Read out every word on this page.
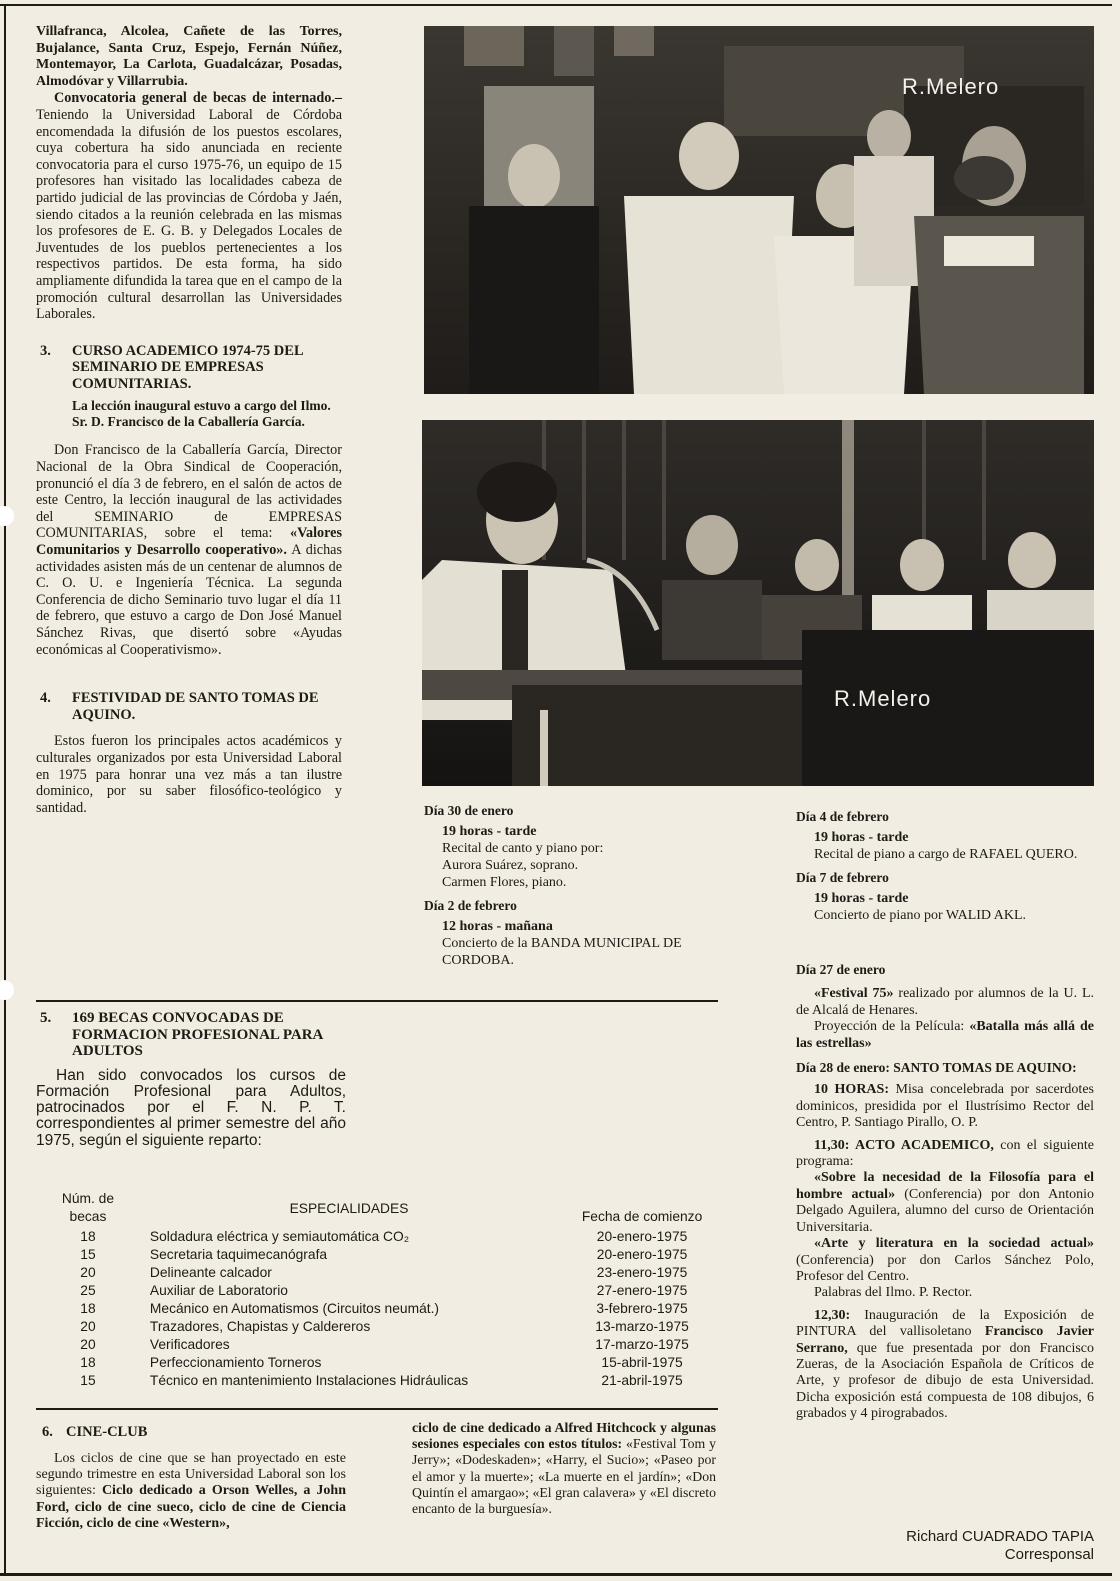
Villafranca, Alcolea, Cañete de las Torres, Bujalance, Santa Cruz, Espejo, Fernán Núñez, Montemayor, La Carlota, Guadalcázar, Posadas, Almodóvar y Villarrubia.

Convocatoria general de becas de internado.– Teniendo la Universidad Laboral de Córdoba encomendada la difusión de los puestos escolares, cuya cobertura ha sido anunciada en reciente convocatoria para el curso 1975-76, un equipo de 15 profesores han visitado las localidades cabeza de partido judicial de las provincias de Córdoba y Jaén, siendo citados a la reunión celebrada en las mismas los profesores de E. G. B. y Delegados Locales de Juventudes de los pueblos pertenecientes a los respectivos partidos. De esta forma, ha sido ampliamente difundida la tarea que en el campo de la promoción cultural desarrollan las Universidades Laborales.

3. CURSO ACADEMICO 1974-75 DEL SEMINARIO DE EMPRESAS COMUNITARIAS.
La lección inaugural estuvo a cargo del Ilmo. Sr. D. Francisco de la Caballería García.

Don Francisco de la Caballería García, Director Nacional de la Obra Sindical de Cooperación, pronunció el día 3 de febrero, en el salón de actos de este Centro, la lección inaugural de las actividades del SEMINARIO de EMPRESAS COMUNITARIAS, sobre el tema: «Valores Comunitarios y Desarrollo cooperativo». A dichas actividades asisten más de un centenar de alumnos de C. O. U. e Ingeniería Técnica. La segunda Conferencia de dicho Seminario tuvo lugar el día 11 de febrero, que estuvo a cargo de Don José Manuel Sánchez Rivas, que disertó sobre «Ayudas económicas al Cooperativismo».

4. FESTIVIDAD DE SANTO TOMAS DE AQUINO.

Estos fueron los principales actos académicos y culturales organizados por esta Universidad Laboral en 1975 para honrar una vez más a tan ilustre dominico, por su saber filosófico-teológico y santidad.

R.Melero
R.Melero
Día 30 de enero
19 horas - tarde
Recital de canto y piano por:
Aurora Suárez, soprano.
Carmen Flores, piano.
Día 2 de febrero
12 horas - mañana
Concierto de la BANDA MUNICIPAL DE CORDOBA.
Día 4 de febrero
19 horas - tarde
Recital de piano a cargo de RAFAEL QUERO.
Día 7 de febrero
19 horas - tarde
Concierto de piano por WALID AKL.

Día 27 de enero

«Festival 75» realizado por alumnos de la U. L. de Alcalá de Henares.

Proyección de la Película: «Batalla más allá de las estrellas»

Día 28 de enero: SANTO TOMAS DE AQUINO:

10 HORAS: Misa concelebrada por sacerdotes dominicos, presidida por el Ilustrísimo Rector del Centro, P. Santiago Pirallo, O. P.

11,30: ACTO ACADEMICO, con el siguiente programa:

«Sobre la necesidad de la Filosofía para el hombre actual» (Conferencia) por don Antonio Delgado Aguilera, alumno del curso de Orientación Universitaria.

«Arte y literatura en la sociedad actual» (Conferencia) por don Carlos Sánchez Polo, Profesor del Centro.

Palabras del Ilmo. P. Rector.

12,30: Inauguración de la Exposición de PINTURA del vallisoletano Francisco Javier Serrano, que fue presentada por don Francisco Zueras, de la Asociación Española de Críticos de Arte, y profesor de dibujo de esta Universidad. Dicha exposición está compuesta de 108 dibujos, 6 grabados y 4 pirograbados.

5. 169 BECAS CONVOCADAS DE FORMACION PROFESIONAL PARA ADULTOS

Han sido convocados los cursos de Formación Profesional para Adultos, patrocinados por el F. N. P. T. correspondientes al primer semestre del año 1975, según el siguiente reparto:

Núm. de becas	ESPECIALIDADES	Fecha de comienzo
18	Soldadura eléctrica y semiautomática CO₂	20-enero-1975
15	Secretaria taquimecanógrafa	20-enero-1975
20	Delineante calcador	23-enero-1975
25	Auxiliar de Laboratorio	27-enero-1975
18	Mecánico en Automatismos (Circuitos neumát.)	3-febrero-1975
20	Trazadores, Chapistas y Caldereros	13-marzo-1975
20	Verificadores	17-marzo-1975
18	Perfeccionamiento Torneros	15-abril-1975
15	Técnico en mantenimiento Instalaciones Hidráulicas	21-abril-1975
6. CINE-CLUB

Los ciclos de cine que se han proyectado en este segundo trimestre en esta Universidad Laboral son los siguientes: Ciclo dedicado a Orson Welles, a John Ford, ciclo de cine sueco, ciclo de cine de Ciencia Ficción, ciclo de cine «Western»,

ciclo de cine dedicado a Alfred Hitchcock y algunas sesiones especiales con estos títulos: «Festival Tom y Jerry»; «Dodeskaden»; «Harry, el Sucio»; «Paseo por el amor y la muerte»; «La muerte en el jardín»; «Don Quintín el amargao»; «El gran calavera» y «El discreto encanto de la burguesía».

Richard CUADRADO TAPIA
Corresponsal
